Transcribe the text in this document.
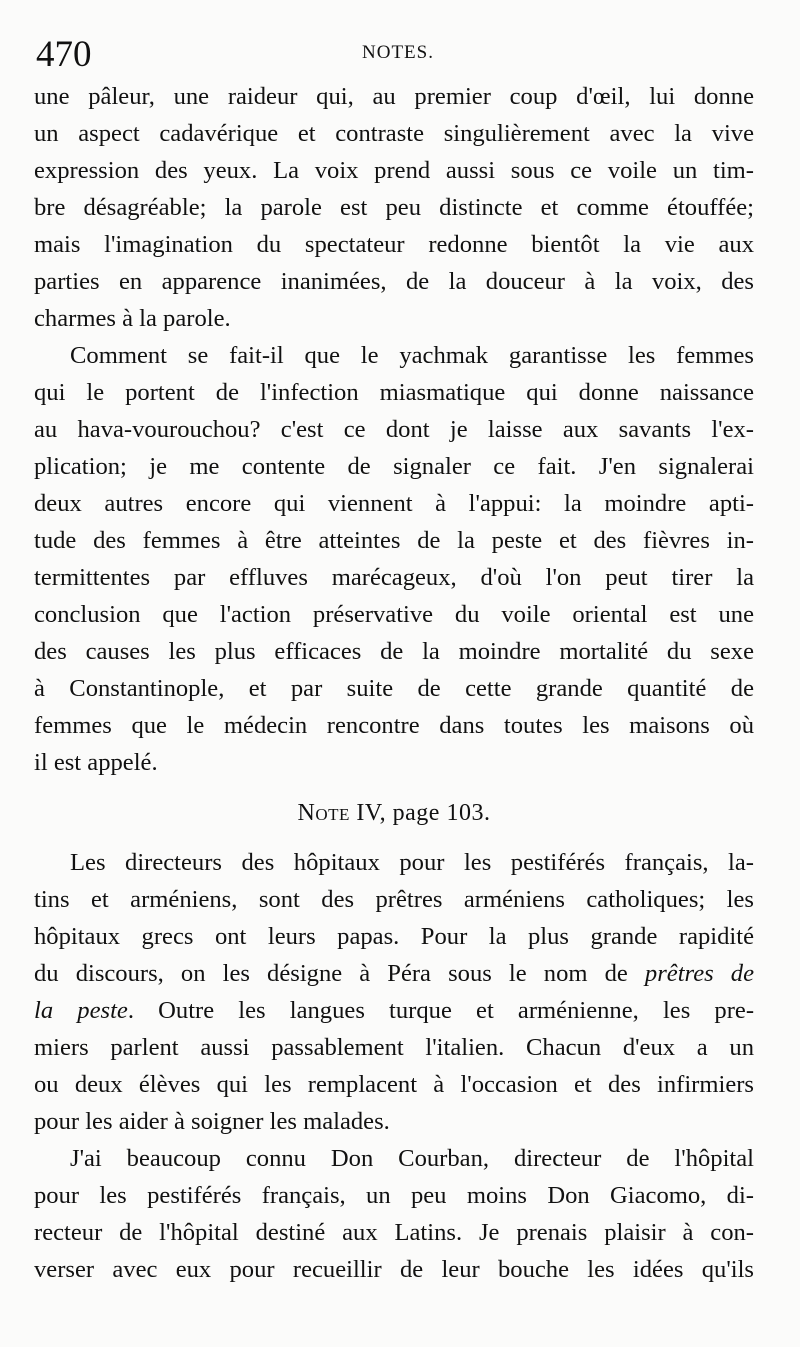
470	NOTES.
une pâleur, une raideur qui, au premier coup d'œil, lui donne
un aspect cadavérique et contraste singulièrement avec la vive
expression des yeux. La voix prend aussi sous ce voile un tim-
bre désagréable; la parole est peu distincte et comme étouffée;
mais l'imagination du spectateur redonne bientôt la vie aux
parties en apparence inanimées, de la douceur à la voix, des
charmes à la parole.
Comment se fait-il que le yachmak garantisse les femmes
qui le portent de l'infection miasmatique qui donne naissance
au hava-vourouchou? c'est ce dont je laisse aux savants l'ex-
plication; je me contente de signaler ce fait. J'en signalerai
deux autres encore qui viennent à l'appui: la moindre apti-
tude des femmes à être atteintes de la peste et des fièvres in-
termittentes par effluves marécageux, d'où l'on peut tirer la
conclusion que l'action préservative du voile oriental est une
des causes les plus efficaces de la moindre mortalité du sexe
à Constantinople, et par suite de cette grande quantité de
femmes que le médecin rencontre dans toutes les maisons où
il est appelé.
Note IV, page 103.
Les directeurs des hôpitaux pour les pestiférés français, la-
tins et arméniens, sont des prêtres arméniens catholiques; les
hôpitaux grecs ont leurs papas. Pour la plus grande rapidité
du discours, on les désigne à Péra sous le nom de prêtres de
la peste. Outre les langues turque et arménienne, les pre-
miers parlent aussi passablement l'italien. Chacun d'eux a un
ou deux élèves qui les remplacent à l'occasion et des infirmiers
pour les aider à soigner les malades.
J'ai beaucoup connu Don Courban, directeur de l'hôpital
pour les pestiférés français, un peu moins Don Giacomo, di-
recteur de l'hôpital destiné aux Latins. Je prenais plaisir à con-
verser avec eux pour recueillir de leur bouche les idées qu'ils
